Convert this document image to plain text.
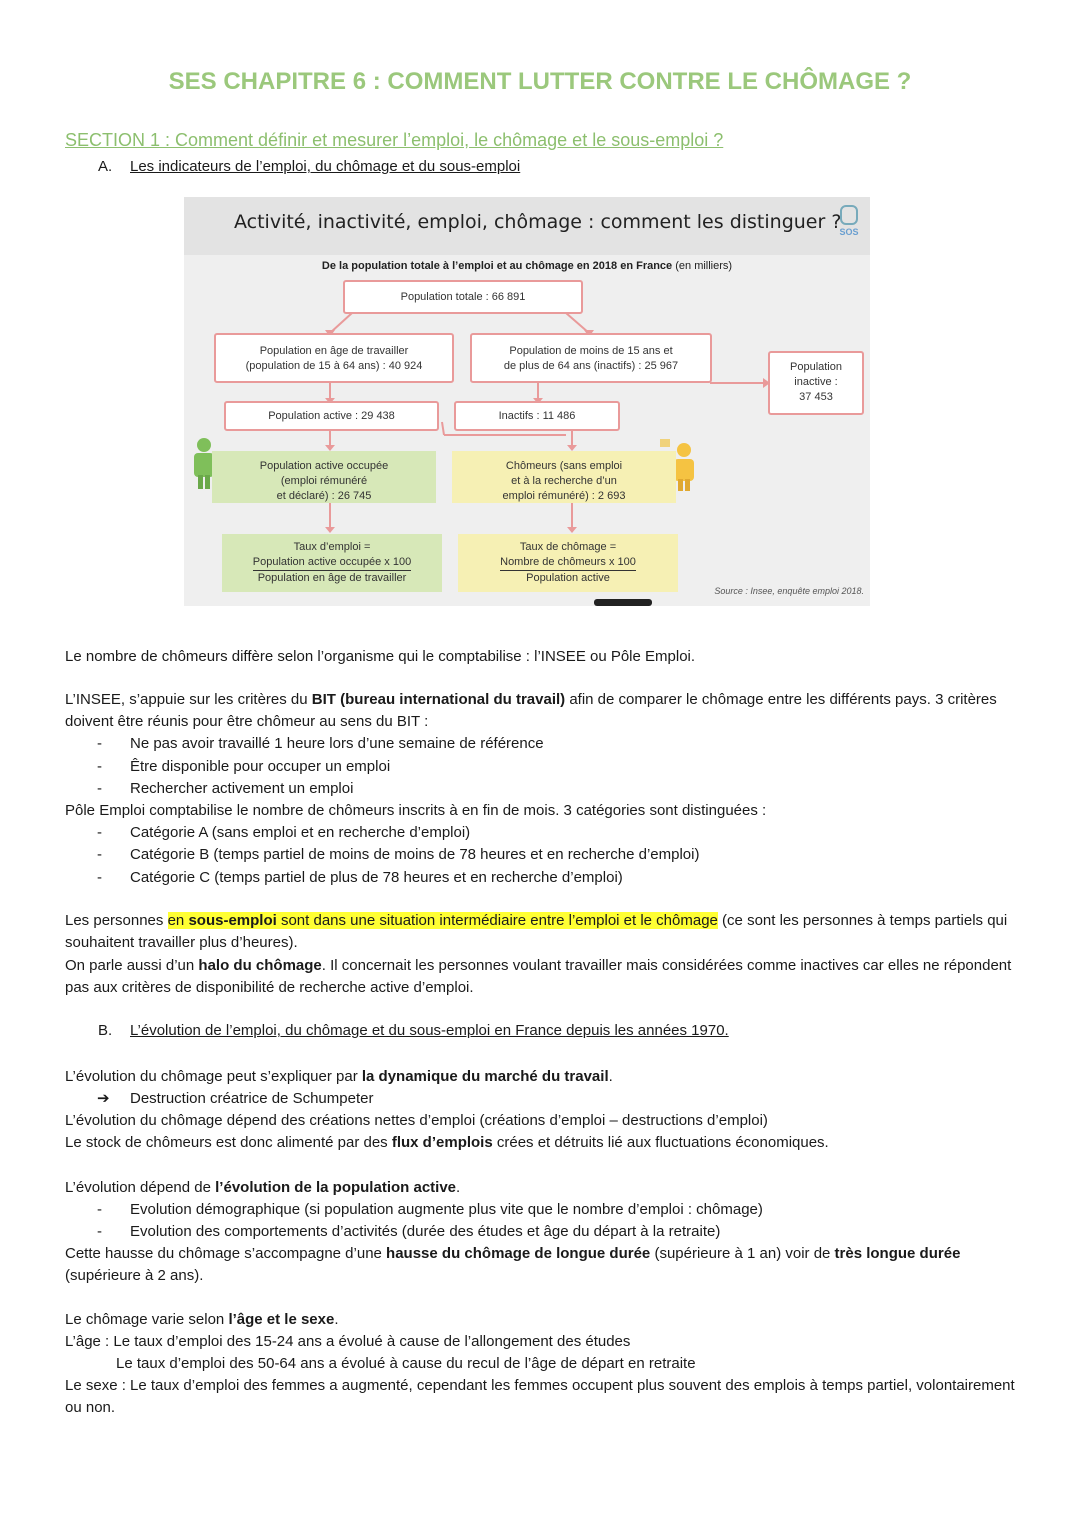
SES CHAPITRE 6 : COMMENT LUTTER CONTRE LE CHÔMAGE ?
SECTION 1 : Comment définir et mesurer l’emploi, le chômage et le sous-emploi ?
A. Les indicateurs de l’emploi, du chômage et du sous-emploi
Activité, inactivité, emploi, chômage : comment les distinguer ?
SOS
De la population totale à l’emploi et au chômage en 2018 en France (en milliers)
Population totale : 66 891
Population en âge de travailler
(population de 15 à 64 ans) : 40 924
Population de moins de 15 ans et
de plus de 64 ans (inactifs) : 25 967	Population
inactive :
37 453
Population active : 29 438	Inactifs : 11 486
Population active occupée
(emploi rémunéré
et déclaré) : 26 745
Chômeurs (sans emploi
et à la recherche d’un
emploi rémunéré) : 2 693
Taux d’emploi =
Population active occupée x 100
Population en âge de travailler
Taux de chômage =
Nombre de chômeurs x 100
Population active
Source : Insee, enquête emploi 2018.
Le nombre de chômeurs diffère selon l’organisme qui le comptabilise : l’INSEE ou Pôle Emploi.
L’INSEE, s’appuie sur les critères du BIT (bureau international du travail) afin de comparer le chômage entre les différents pays. 3 critères doivent être réunis pour être chômeur au sens du BIT :
- Ne pas avoir travaillé 1 heure lors d’une semaine de référence
- Être disponible pour occuper un emploi
- Rechercher activement un emploi
Pôle Emploi comptabilise le nombre de chômeurs inscrits à en fin de mois. 3 catégories sont distinguées :
- Catégorie A (sans emploi et en recherche d’emploi)
- Catégorie B (temps partiel de moins de moins de 78 heures et en recherche d’emploi)
- Catégorie C (temps partiel de plus de 78 heures et en recherche d’emploi)
Les personnes en sous-emploi sont dans une situation intermédiaire entre l’emploi et le chômage (ce sont les personnes à temps partiels qui souhaitent travailler plus d’heures).
On parle aussi d’un halo du chômage. Il concernait les personnes voulant travailler mais considérées comme inactives car elles ne répondent pas aux critères de disponibilité de recherche active d’emploi.
B. L’évolution de l’emploi, du chômage et du sous-emploi en France depuis les années 1970.
L’évolution du chômage peut s’expliquer par la dynamique du marché du travail.
➔ Destruction créatrice de Schumpeter
L’évolution du chômage dépend des créations nettes d’emploi (créations d’emploi – destructions d’emploi)
Le stock de chômeurs est donc alimenté par des flux d’emplois crées et détruits lié aux fluctuations économiques.
L’évolution dépend de l’évolution de la population active.
- Evolution démographique (si population augmente plus vite que le nombre d’emploi : chômage)
- Evolution des comportements d’activités (durée des études et âge du départ à la retraite)
Cette hausse du chômage s’accompagne d’une hausse du chômage de longue durée (supérieure à 1 an) voir de très longue durée (supérieure à 2 ans).
Le chômage varie selon l’âge et le sexe.
L’âge : Le taux d’emploi des 15-24 ans a évolué à cause de l’allongement des études
Le taux d’emploi des 50-64 ans a évolué à cause du recul de l’âge de départ en retraite
Le sexe : Le taux d’emploi des femmes a augmenté, cependant les femmes occupent plus souvent des emplois à temps partiel, volontairement ou non.
